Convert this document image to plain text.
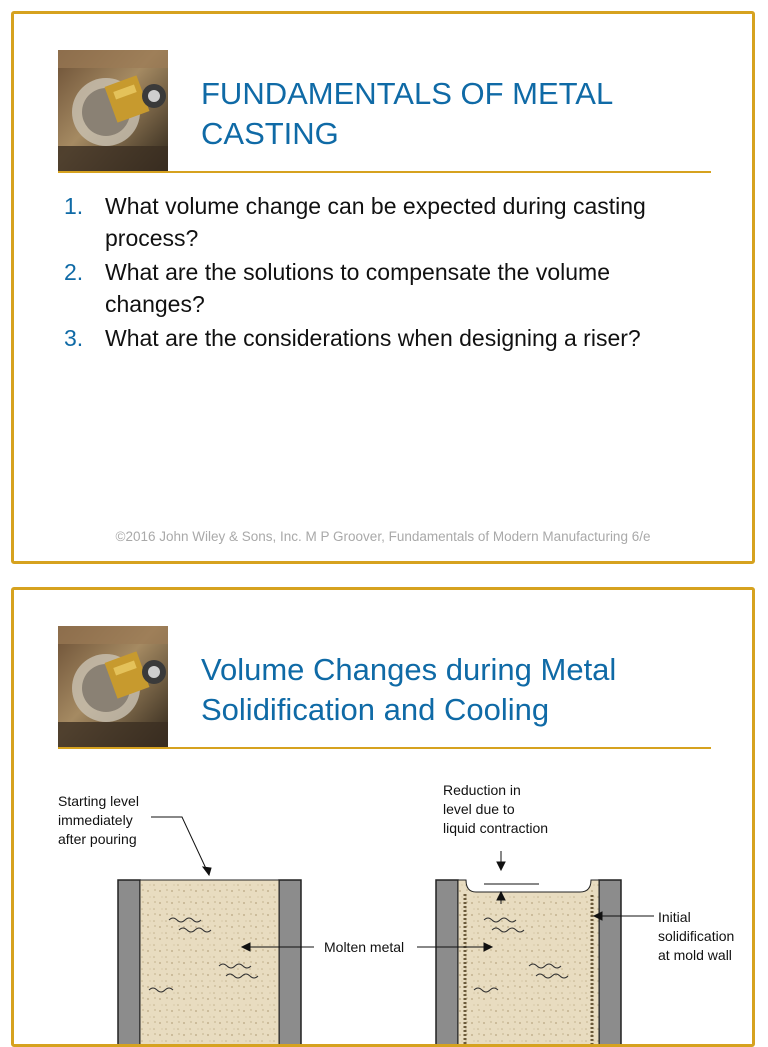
FUNDAMENTALS OF METAL CASTING
1. What volume change can be expected during casting process?
2. What are the solutions to compensate the volume changes?
3. What are the considerations when designing a riser?
©2016 John Wiley & Sons, Inc. M P Groover, Fundamentals of Modern Manufacturing 6/e
Volume Changes during Metal Solidification and Cooling
Starting level immediately after pouring
Reduction in level due to liquid contraction
Molten metal
Initial solidification at mold wall
